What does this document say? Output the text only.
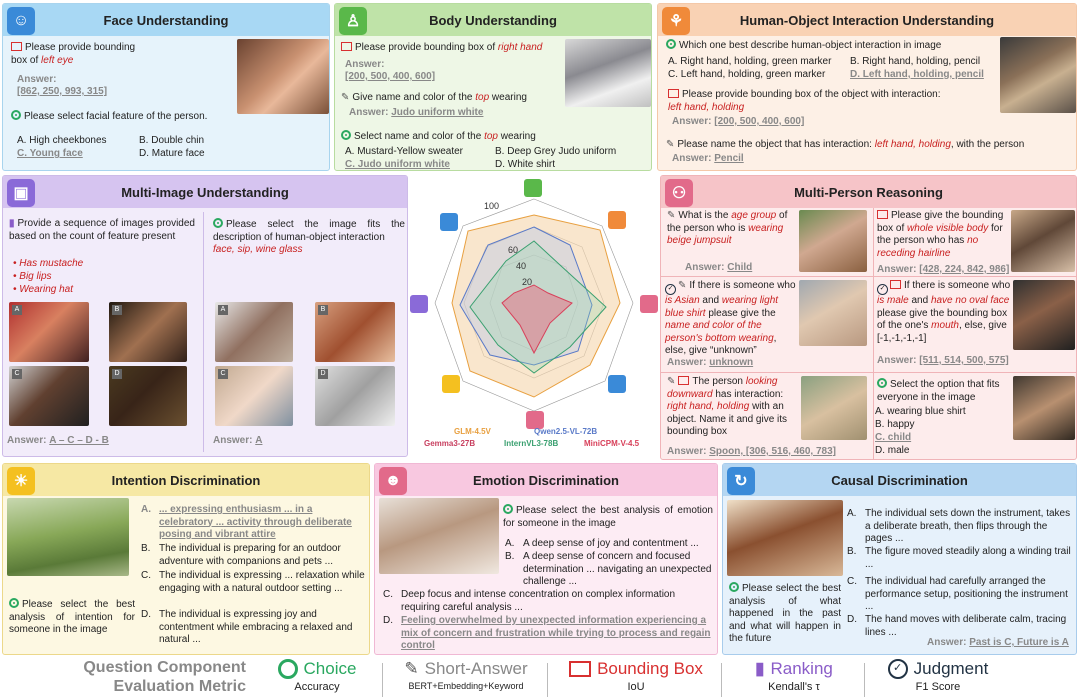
☺	Face Understanding
Please provide bounding
box of left eye
Answer:
[862, 250, 993, 315]
Please select facial feature of the person.
A. High cheekbones	B. Double chin
C. Young face	D. Mature face
♙	Body Understanding
Please provide bounding box of right hand
Answer:
[200, 500, 400, 600]
✎ Give name and color of the top wearing
Answer: Judo uniform white
Select name and color of the top wearing
A. Mustard-Yellow sweater	B. Deep Grey Judo uniform
C. Judo uniform white	D. White shirt
⚘	Human-Object Interaction Understanding
Which one best describe human-object interaction in image
A. Right hand, holding, green marker B. Right hand, holding, pencil
C. Left hand, holding, green marker D. Left hand, holding, pencil
Please provide bounding box of the object with interaction:
left hand, holding
Answer: [200, 500, 400, 600]
✎ Please name the object that has interaction: left hand, holding, with the person
Answer: Pencil
▣	Multi-Image Understanding
▮ Provide a sequence of images provided based on the count of feature present
• Has mustache
• Big lips
• Wearing hat
Please select the image fits the description of human-object interaction
face, sip, wine glass
A	B
C	D
A	B
C	D
Answer: A – C – D - B	Answer: A
100
60
40
20
GLM-4.5V	Qwen2.5-VL-72B
Gemma3-27B	InternVL3-78B	MiniCPM-V-4.5
⚇	Multi-Person Reasoning
✎ What is the age group of the person who is wearing beige jumpsuit
Answer: Child
Please give the bounding box of whole visible body for the person who has no receding hairline
Answer: [428, 224, 842, 986]
✓ ✎ If there is someone who is Asian and wearing light blue shirt please give the name and color of the person's bottom wearing, else, give “unknown”
Answer: unknown
✓ If there is someone who is male and have no oval face please give the bounding box of the one's mouth, else, give [-1,-1,-1,-1]
Answer: [511, 514, 500, 575]
✎ The person looking downward has interaction: right hand, holding with an object. Name it and give its bounding box
Answer: Spoon, [306, 516, 460, 783]
Select the option that fits everyone in the image
A. wearing blue shirt
B. happy
C. child
D. male
☀	Intention Discrimination
Please select the best analysis of intention for someone in the image
A. ... expressing enthusiasm ... in a celebratory ... activity through deliberate posing and vibrant attire
B. The individual is preparing for an outdoor adventure with companions and pets ...
C. The individual is expressing ... relaxation while engaging with a natural outdoor setting ...
D. The individual is expressing joy and contentment while embracing a relaxed and natural ...
☻	Emotion Discrimination
Please select the best analysis of emotion for someone in the image
A. A deep sense of joy and contentment ...
B. A deep sense of concern and focused determination ... navigating an unexpected challenge ...
C. Deep focus and intense concentration on complex information requiring careful analysis ...
D. Feeling overwhelmed by unexpected information experiencing a mix of concern and frustration while trying to process and regain control
↻	Causal Discrimination
Please select the best analysis of what happened in the past and what will happen in the future
A. The individual sets down the instrument, takes a deliberate breath, then flips through the pages ...
B. The figure moved steadily along a winding trail ...
C. The individual had carefully arranged the performance setup, positioning the instrument ...
D. The hand moves with deliberate calm, tracing lines ...
Answer: Past is C, Future is A
Question Component
Evaluation Metric
Choice
Accuracy
✎ Short-Answer
BERT+Embedding+Keyword
Bounding Box
IoU
▮ Ranking
Kendall's τ
✓ Judgment
F1 Score
